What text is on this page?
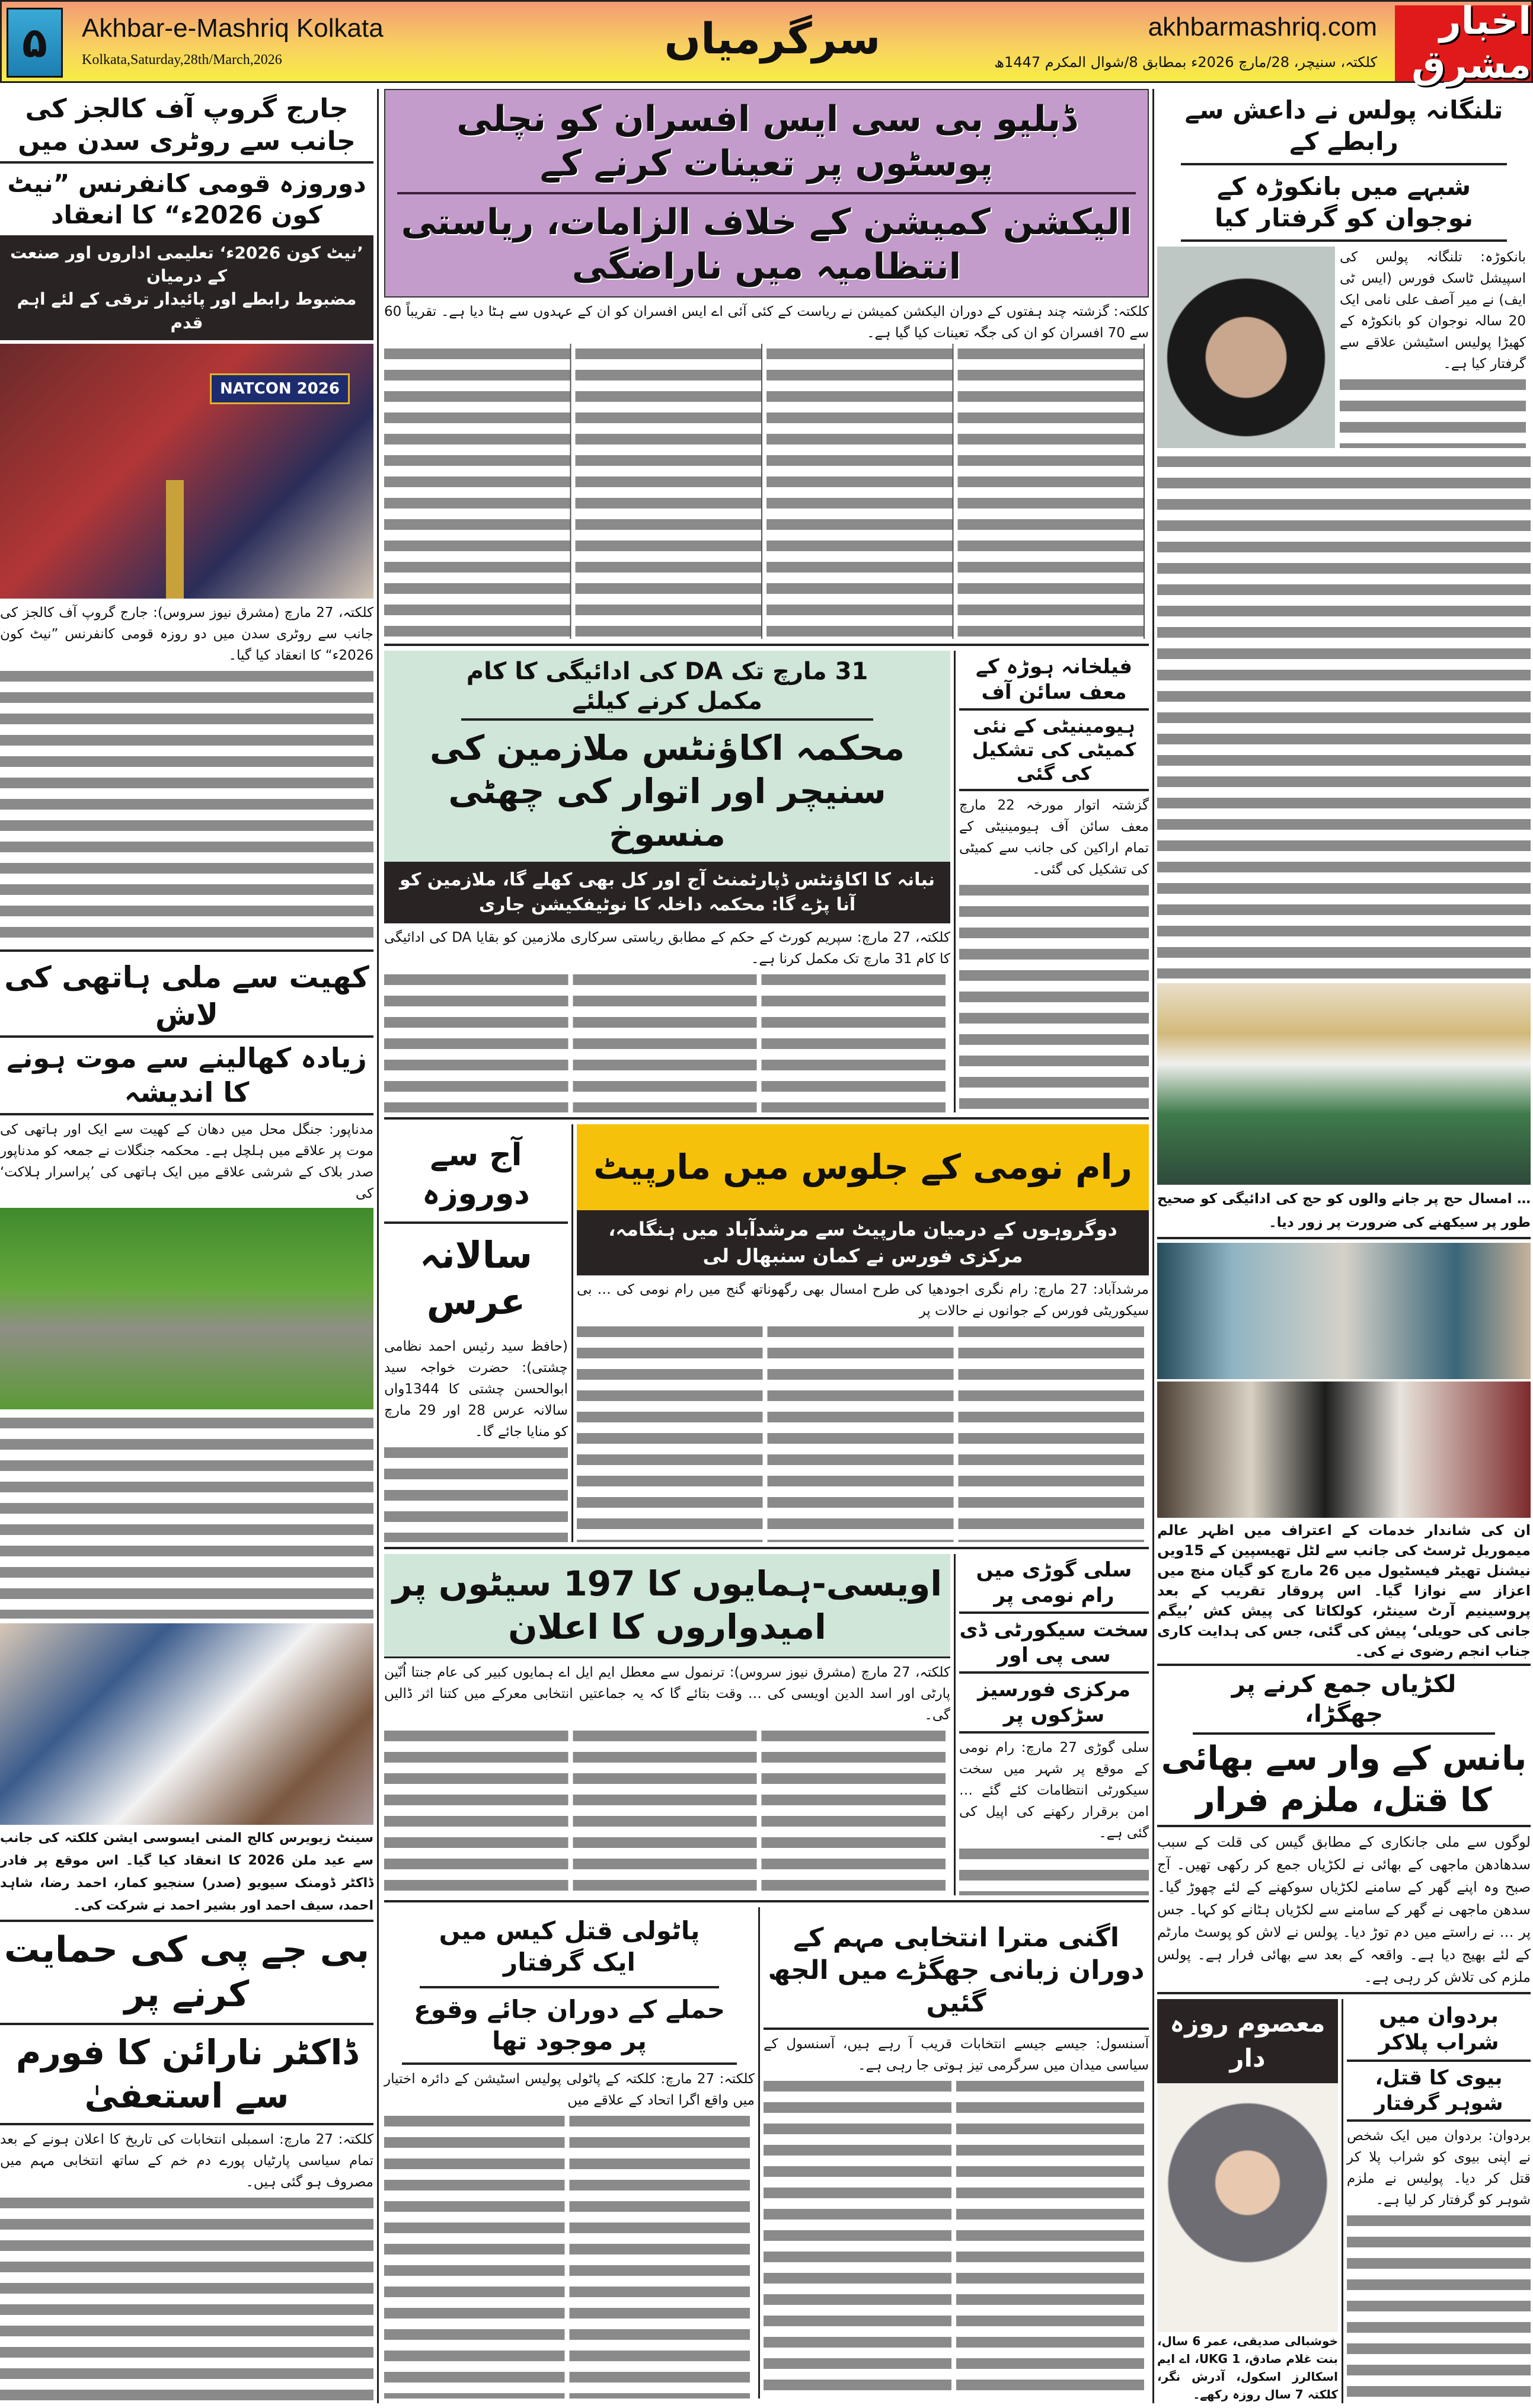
۵	Akhbar-e-Mashriq Kolkata
Kolkata,Saturday,28th/March,2026	سرگرمیاں	akhbarmashriq.com
کلکتہ، سنیچر، 28/مارچ 2026ء بمطابق 8/شوال المکرم 1447ھ
اخبار مشرق
جارج گروپ آف کالجز کی جانب سے روٹری سدن میں
دوروزہ قومی کانفرنس ”نیٹ کون 2026ء“ کا انعقاد
’نیٹ کون 2026ء‘ تعلیمی اداروں اور صنعت کے درمیان
مضبوط رابطے اور پائیدار ترقی کے لئے اہم قدم
NATCON 2026
کلکتہ، 27 مارچ (مشرق نیوز سروس): جارج گروپ آف کالجز کی جانب سے روٹری سدن میں دو روزہ قومی کانفرنس ”نیٹ کون 2026ء“ کا انعقاد کیا گیا۔
کھیت سے ملی ہاتھی کی لاش
زیادہ کھالینے سے موت ہونے کا اندیشہ
مدناپور: جنگل محل میں دھان کے کھیت سے ایک اور ہاتھی کی موت پر علاقے میں ہلچل ہے۔ محکمہ جنگلات نے جمعہ کو مدناپور صدر بلاک کے شرشی علاقے میں ایک ہاتھی کی ’پراسرار ہلاکت‘ کی
سینٹ زیویرس کالج المنی ایسوسی ایشن کلکتہ کی جانب سے عید ملن 2026 کا انعقاد کیا گیا۔ اس موقع پر فادر ڈاکٹر ڈومنک سیویو (صدر) سنجیو کمار، احمد رضا، شاہد احمد، سیف احمد اور بشیر احمد نے شرکت کی۔
بی جے پی کی حمایت کرنے پر
ڈاکٹر نارائن کا فورم سے استعفیٰ
کلکتہ: 27 مارچ: اسمبلی انتخابات کی تاریخ کا اعلان ہونے کے بعد تمام سیاسی پارٹیاں پورے دم خم کے ساتھ انتخابی مہم میں مصروف ہو گئی ہیں۔
ڈبلیو بی سی ایس افسران کو نچلی پوسٹوں پر تعینات کرنے کے
الیکشن کمیشن کے خلاف الزامات، ریاستی انتظامیہ میں ناراضگی
کلکتہ: گزشتہ چند ہفتوں کے دوران الیکشن کمیشن نے ریاست کے کئی آئی اے ایس افسران کو ان کے عہدوں سے ہٹا دیا ہے۔ تقریباً 60 سے 70 افسران کو ان کی جگہ تعینات کیا گیا ہے۔
31 مارچ تک DA کی ادائیگی کا کام مکمل کرنے کیلئے
محکمہ اکاؤنٹس ملازمین کی سنیچر اور اتوار کی چھٹی منسوخ
نبانہ کا اکاؤنٹس ڈپارٹمنٹ آج اور کل بھی کھلے گا، ملازمین کو آنا پڑے گا: محکمہ داخلہ کا نوٹیفکیشن جاری
کلکتہ، 27 مارچ: سپریم کورٹ کے حکم کے مطابق ریاستی سرکاری ملازمین کو بقایا DA کی ادائیگی کا کام 31 مارچ تک مکمل کرنا ہے۔
فیلخانہ ہوڑہ کے معف سائن آف
ہیومینیٹی کے نئی کمیٹی کی تشکیل کی گئی
گزشتہ اتوار مورخہ 22 مارچ معف سائن آف ہیومینیٹی کے تمام اراکین کی جانب سے کمیٹی کی تشکیل کی گئی۔
آج سے دوروزہ
سالانہ عرس
(حافظ سید رئیس احمد نظامی چشتی): حضرت خواجہ سید ابوالحسن چشتی کا 1344واں سالانہ عرس 28 اور 29 مارچ کو منایا جائے گا۔
رام نومی کے جلوس میں مارپیٹ
دوگروہوں کے درمیان مارپیٹ سے مرشدآباد میں ہنگامہ، مرکزی فورس نے کمان سنبھال لی
مرشدآباد: 27 مارچ: رام نگری اجودھیا کی طرح امسال بھی رگھوناتھ گنج میں رام نومی کی … بی سیکوریٹی فورس کے جوانوں نے حالات پر
اویسی-ہمایوں کا 197 سیٹوں پر امیدواروں کا اعلان
کلکتہ، 27 مارچ (مشرق نیوز سروس): ترنمول سے معطل ایم ایل اے ہمایوں کبیر کی عام جنتا اُنّین پارٹی اور اسد الدین اویسی کی … وقت بتائے گا کہ یہ جماعتیں انتخابی معرکے میں کتنا اثر ڈالیں گی۔
سلی گوڑی میں رام نومی پر
سخت سیکورٹی ڈی سی پی اور
مرکزی فورسیز سڑکوں پر
سلی گوڑی 27 مارچ: رام نومی کے موقع پر شہر میں سخت سیکورٹی انتظامات کئے گئے … امن برقرار رکھنے کی اپیل کی گئی ہے۔
پاٹولی قتل کیس میں ایک گرفتار
حملے کے دوران جائے وقوع پر موجود تھا
کلکتہ: 27 مارچ: کلکتہ کے پاٹولی پولیس اسٹیشن کے دائرہ اختیار میں واقع اگرا اتحاد کے علاقے میں
اگنی مترا انتخابی مہم کے دوران زبانی جھگڑے میں الجھ گئیں
آسنسول: جیسے جیسے انتخابات قریب آ رہے ہیں، آسنسول کے سیاسی میدان میں سرگرمی تیز ہوتی جا رہی ہے۔
تلنگانہ پولس نے داعش سے رابطے کے
شبہے میں بانکوڑہ کے نوجوان کو گرفتار کیا
بانکوڑہ: تلنگانہ پولس کی اسپیشل ٹاسک فورس (ایس ٹی ایف) نے میر آصف علی نامی ایک 20 سالہ نوجوان کو بانکوڑہ کے کھیڑا پولیس اسٹیشن علاقے سے گرفتار کیا ہے۔
… امسال حج پر جانے والوں کو حج کی ادائیگی کو صحیح طور پر سیکھنے کی ضرورت پر زور دیا۔
ان کی شاندار خدمات کے اعتراف میں اظہر عالم میموریل ٹرسٹ کی جانب سے لٹل تھیسپین کے 15ویں نیشنل تھیٹر فیسٹیول میں 26 مارچ کو گیان منچ میں اعزاز سے نوازا گیا۔ اس پروقار تقریب کے بعد پروسینیم آرٹ سینٹر، کولکاتا کی پیش کش ’بیگم جانی کی حویلی‘ پیش کی گئی، جس کی ہدایت کاری جناب انجم رضوی نے کی۔
لکڑیاں جمع کرنے پر جھگڑا،
بانس کے وار سے بھائی کا قتل، ملزم فرار
لوگوں سے ملی جانکاری کے مطابق گیس کی قلت کے سبب سدھادھن ماجھی کے بھائی نے لکڑیاں جمع کر رکھی تھیں۔ آج صبح وہ اپنے گھر کے سامنے لکڑیاں سوکھنے کے لئے چھوڑ گیا۔ سدھن ماجھی نے گھر کے سامنے سے لکڑیاں ہٹانے کو کہا۔ جس پر … نے راستے میں دم توڑ دیا۔ پولس نے لاش کو پوسٹ مارٹم کے لئے بھیج دیا ہے۔ واقعہ کے بعد سے بھائی فرار ہے۔ پولس ملزم کی تلاش کر رہی ہے۔
معصوم روزہ دار
خوشبالی صدیقی، عمر 6 سال، بنت غلام صادق، 1 UKG، اے ایم اسکالرز اسکول، آدرش نگر، کلکتہ 7 سال روزہ رکھے۔
بردوان میں شراب پلاکر
بیوی کا قتل، شوہر گرفتار
بردوان: بردوان میں ایک شخص نے اپنی بیوی کو شراب پلا کر قتل کر دیا۔ پولیس نے ملزم شوہر کو گرفتار کر لیا ہے۔
